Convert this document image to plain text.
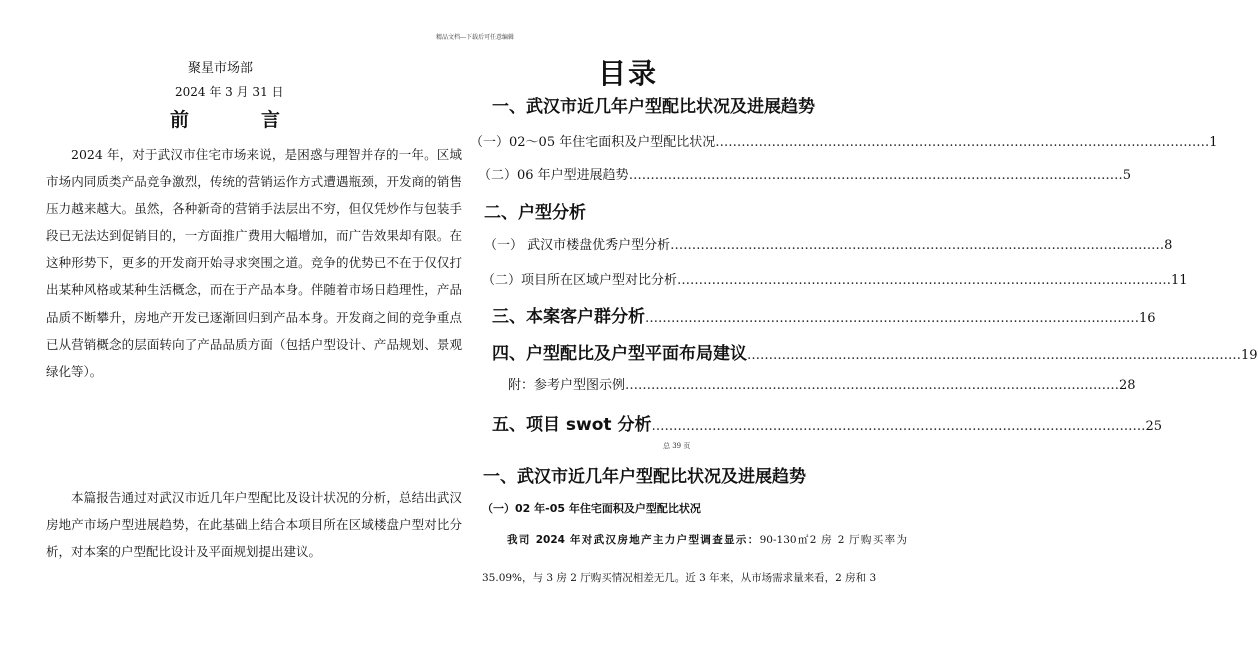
精品文档---下载后可任意编辑
聚星市场部
2024 年 3 月 31 日
前言

2024 年，对于武汉市住宅市场来说，是困惑与理智并存的一年。区域市场内同质类产品竞争激烈，传统的营销运作方式遭遇瓶颈，开发商的销售压力越来越大。虽然，各种新奇的营销手法层出不穷，但仅凭炒作与包装手段已无法达到促销目的，一方面推广费用大幅增加，而广告效果却有限。在这种形势下，更多的开发商开始寻求突围之道。竞争的优势已不在于仅仅打出某种风格或某种生活概念，而在于产品本身。伴随着市场日趋理性，产品品质不断攀升，房地产开发已逐渐回归到产品本身。开发商之间的竞争重点已从营销概念的层面转向了产品品质方面（包括户型设计、产品规划、景观绿化等）。

本篇报告通过对武汉市近几年户型配比及设计状况的分析，总结出武汉房地产市场户型进展趋势，在此基础上结合本项目所在区域楼盘户型对比分析，对本案的户型配比设计及平面规划提出建议。

目录
一、武汉市近几年户型配比状况及进展趋势
（一）02～05 年住宅面积及户型配比状况 …………………………………………………………………………………………………… 1
（二）06 年户型进展趋势 …………………………………………………………………………………………………… 5
二、户型分析
（一） 武汉市楼盘优秀户型分析 …………………………………………………………………………………………………… 8
（二）项目所在区域户型对比分析 …………………………………………………………………………………………………… 11
三、本案客户群分析 …………………………………………………………………………………………………… 16
四、户型配比及户型平面布局建议 …………………………………………………………………………………………………… 19
附：参考户型图示例 …………………………………………………………………………………………………… 28
五、项目 swot 分析 …………………………………………………………………………………………………… 25
总 39 页
一、武汉市近几年户型配比状况及进展趋势
（一）02 年-05 年住宅面积及户型配比状况

我司 2024 年对武汉房地产主力户型调查显示：90-130㎡2 房 2 厅购买率为 35.09%，与 3 房 2 厅购买情况相差无几。近 3 年来，从市场需求量来看，2 房和 3
